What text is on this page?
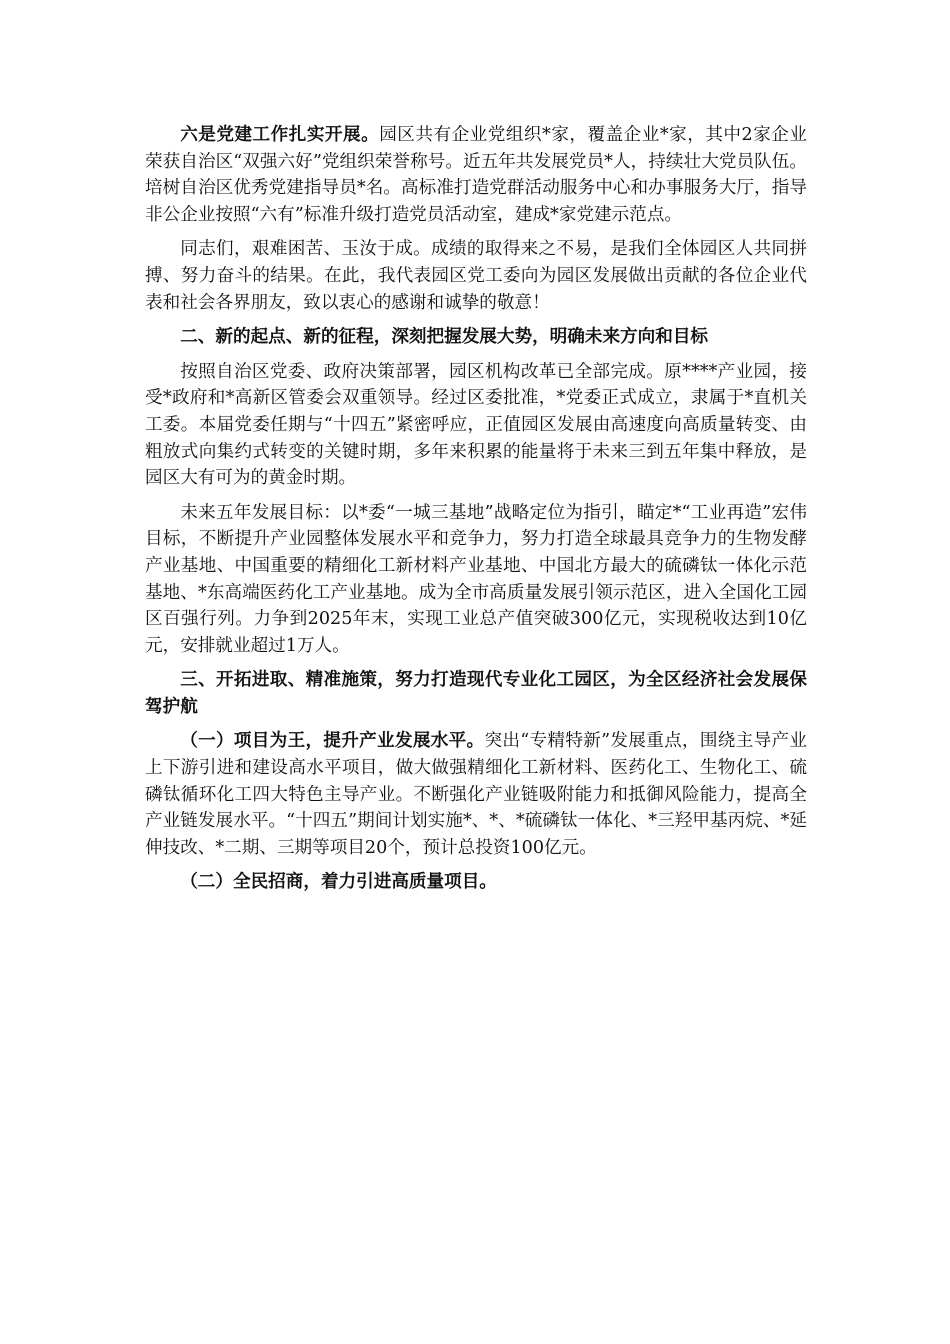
六是党建工作扎实开展。园区共有企业党组织*家，覆盖企业*家，其中2家企业荣获自治区“双强六好”党组织荣誉称号。近五年共发展党员*人，持续壮大党员队伍。培树自治区优秀党建指导员*名。高标准打造党群活动服务中心和办事服务大厅，指导非公企业按照“六有”标准升级打造党员活动室，建成*家党建示范点。

同志们，艰难困苦、玉汝于成。成绩的取得来之不易，是我们全体园区人共同拼搏、努力奋斗的结果。在此，我代表园区党工委向为园区发展做出贡献的各位企业代表和社会各界朋友，致以衷心的感谢和诚挚的敬意！

二、新的起点、新的征程，深刻把握发展大势，明确未来方向和目标

按照自治区党委、政府决策部署，园区机构改革已全部完成。原****产业园，接受*政府和*高新区管委会双重领导。经过区委批准，*党委正式成立，隶属于*直机关工委。本届党委任期与“十四五”紧密呼应，正值园区发展由高速度向高质量转变、由粗放式向集约式转变的关键时期，多年来积累的能量将于未来三到五年集中释放，是园区大有可为的黄金时期。

未来五年发展目标：以*委“一城三基地”战略定位为指引，瞄定*“工业再造”宏伟目标，不断提升产业园整体发展水平和竞争力，努力打造全球最具竞争力的生物发酵产业基地、中国重要的精细化工新材料产业基地、中国北方最大的硫磷钛一体化示范基地、*东高端医药化工产业基地。成为全市高质量发展引领示范区，进入全国化工园区百强行列。力争到2025年末，实现工业总产值突破300亿元，实现税收达到10亿元，安排就业超过1万人。

三、开拓进取、精准施策，努力打造现代专业化工园区，为全区经济社会发展保驾护航

（一）项目为王，提升产业发展水平。突出“专精特新”发展重点，围绕主导产业上下游引进和建设高水平项目，做大做强精细化工新材料、医药化工、生物化工、硫磷钛循环化工四大特色主导产业。不断强化产业链吸附能力和抵御风险能力，提高全产业链发展水平。“十四五”期间计划实施*、*、*硫磷钛一体化、*三羟甲基丙烷、*延伸技改、*二期、三期等项目20个，预计总投资100亿元。

（二）全民招商，着力引进高质量项目。
